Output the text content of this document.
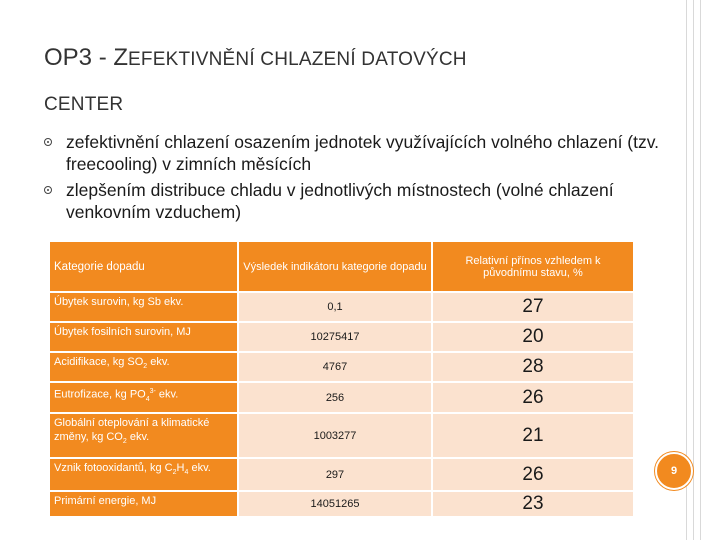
OP3 - ZEFEKTIVNĚNÍ CHLAZENÍ DATOVÝCH
CENTER
zefektivnění chlazení osazením jednotek využívajících volného chlazení (tzv. freecooling) v zimních měsících
zlepšením distribuce chladu v jednotlivých místnostech (volné chlazení venkovním vzduchem)
Kategorie dopadu	Výsledek indikátoru kategorie dopadu	Relativní přínos vzhledem k původnímu stavu, %
Úbytek surovin, kg Sb ekv.	0,1	27
Úbytek fosilních surovin, MJ	10275417	20
Acidifikace, kg $SO_2$ ekv.	4767	28
Eutrofizace, kg $PO_4^{3-}$ ekv.	256	26
Globální oteplování a klimatické změny, kg $CO_2$ ekv.	1003277	21
Vznik fotooxidantů, kg $C_2H_4$ ekv.	297	26
Primární energie, MJ	14051265	23
9
